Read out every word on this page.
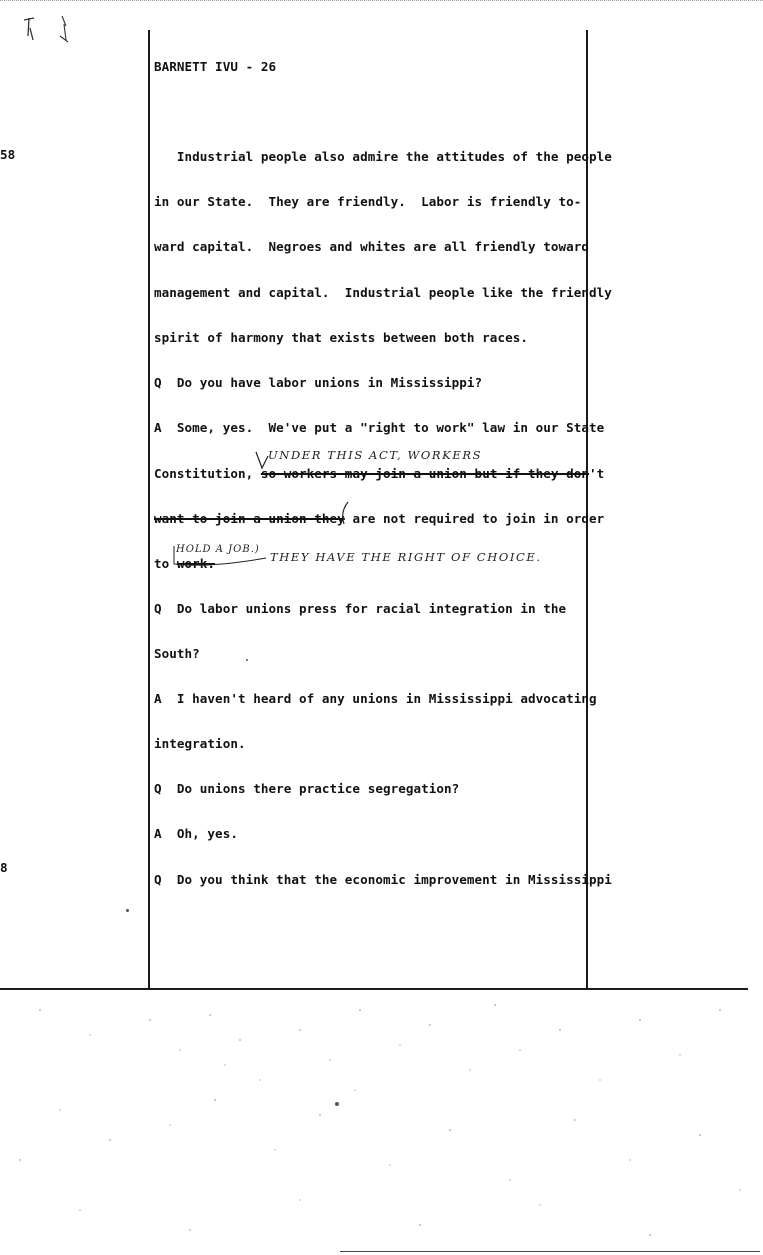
58
8
BARNETT IVU - 26
Industrial people also admire the attitudes of the people
in our State.  They are friendly.  Labor is friendly to-
ward capital.  Negroes and whites are all friendly toward
management and capital.  Industrial people like the friendly
spirit of harmony that exists between both races.
Q  Do you have labor unions in Mississippi?
A  Some, yes.  We've put a "right to work" law in our State
UNDER THIS ACT, WORKERS
Constitution, so workers may join a union but if they don't
want to join a union they are not required to join in order
to work.
HOLD A JOB.)
THEY HAVE THE RIGHT OF CHOICE.
Q  Do labor unions press for racial integration in the
South?
A  I haven't heard of any unions in Mississippi advocating
integration.
Q  Do unions there practice segregation?
A  Oh, yes.
Q  Do you think that the economic improvement in Mississippi
